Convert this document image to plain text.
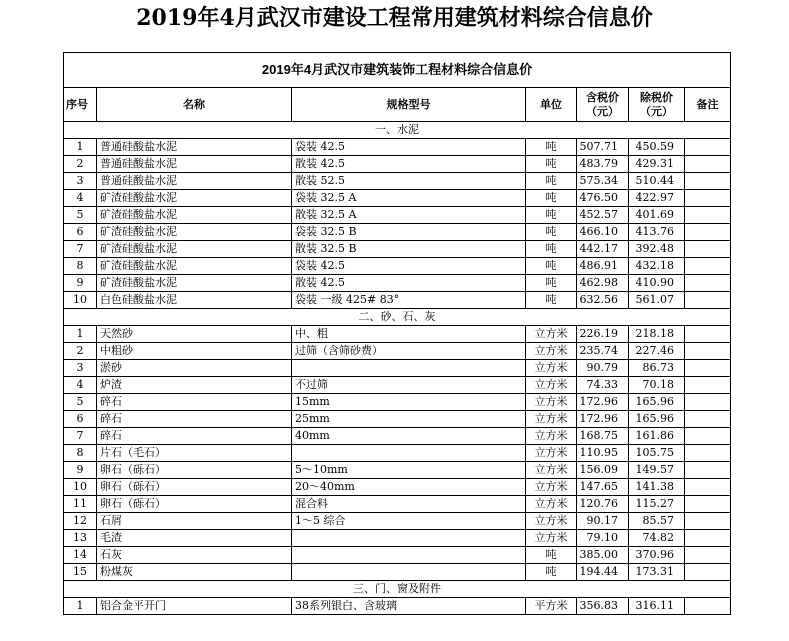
2019年4月武汉市建设工程常用建筑材料综合信息价
2019年4月武汉市建筑装饰工程材料综合信息价						
序号	名称	规格型号	单位	含税价（元）	除税价（元）	备注
一、水泥						
1	普通硅酸盐水泥	袋装 42.5	吨	507.71	450.59	
2	普通硅酸盐水泥	散装 42.5	吨	483.79	429.31	
3	普通硅酸盐水泥	散装 52.5	吨	575.34	510.44	
4	矿渣硅酸盐水泥	袋装 32.5 A	吨	476.50	422.97	
5	矿渣硅酸盐水泥	散装 32.5 A	吨	452.57	401.69	
6	矿渣硅酸盐水泥	袋装 32.5 B	吨	466.10	413.76	
7	矿渣硅酸盐水泥	散装 32.5 B	吨	442.17	392.48	
8	矿渣硅酸盐水泥	袋装 42.5	吨	486.91	432.18	
9	矿渣硅酸盐水泥	散装 42.5	吨	462.98	410.90	
10	白色硅酸盐水泥	袋装 一级 425# 83°	吨	632.56	561.07	
二、砂、石、灰						
1	天然砂	中、粗	立方米	226.19	218.18	
2	中粗砂	过筛（含筛砂费）	立方米	235.74	227.46	
3	淤砂		立方米	90.79	86.73	
4	炉渣	不过筛	立方米	74.33	70.18	
5	碎石	15mm	立方米	172.96	165.96	
6	碎石	25mm	立方米	172.96	165.96	
7	碎石	40mm	立方米	168.75	161.86	
8	片石（毛石）		立方米	110.95	105.75	
9	卵石（砾石）	5～10mm	立方米	156.09	149.57	
10	卵石（砾石）	20～40mm	立方米	147.65	141.38	
11	卵石（砾石）	混合料	立方米	120.76	115.27	
12	石屑	1～5 综合	立方米	90.17	85.57	
13	毛渣		立方米	79.10	74.82	
14	石灰		吨	385.00	370.96	
15	粉煤灰		吨	194.44	173.31	
三、门、窗及附件						
1	铝合金平开门	38系列银白、含玻璃	平方米	356.83	316.11	
